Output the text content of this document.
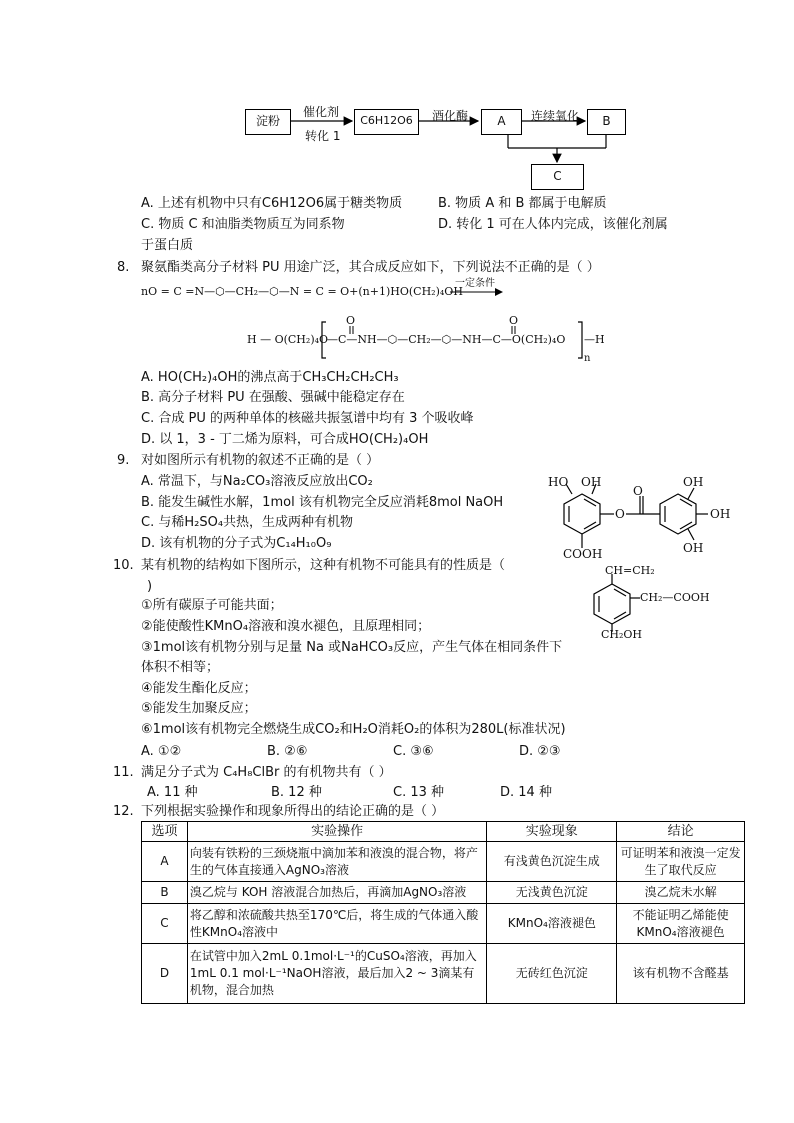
淀粉
催化剂
转化 1
C6H12O6	酒化酶	A	连续氧化	B
C
A. 上述有机物中只有C6H12O6属于糖类物质	B. 物质 A 和 B 都属于电解质
C. 物质 C 和油脂类物质互为同系物	D. 转化 1 可在人体内完成，该催化剂属
于蛋白质
8. 聚氨酯类高分子材料 PU 用途广泛，其合成反应如下，下列说法不正确的是（ ）
nO = C =N—⬡—CH₂—⬡—N = C = O+(n+1)HO(CH₂)₄OH
一定条件
O	O
H — O(CH₂)₄O
—C—NH—⬡—CH₂—⬡—NH—C—O(CH₂)₄O —H
n
A. HO(CH₂)₄OH的沸点高于CH₃CH₂CH₂CH₃
B. 高分子材料 PU 在强酸、强碱中能稳定存在
C. 合成 PU 的两种单体的核磁共振氢谱中均有 3 个吸收峰
D. 以 1，3 - 丁二烯为原料，可合成HO(CH₂)₄OH
9. 对如图所示有机物的叙述不正确的是（ ）
A. 常温下，与Na₂CO₃溶液反应放出CO₂
B. 能发生碱性水解，1mol 该有机物完全反应消耗8mol NaOH
C. 与稀H₂SO₄共热，生成两种有机物
D. 该有机物的分子式为C₁₄H₁₀O₉
HO OH
O
O
OH
OH
OH
COOH
10. 某有机物的结构如下图所示，这种有机物不可能具有的性质是（
)
①所有碳原子可能共面；
②能使酸性KMnO₄溶液和溴水褪色，且原理相同；
③1mol该有机物分别与足量 Na 或NaHCO₃反应，产生气体在相同条件下
体积不相等；
④能发生酯化反应；
⑤能发生加聚反应；
⑥1mol该有机物完全燃烧生成CO₂和H₂O消耗O₂的体积为280L(标准状况)
A. ①②	B. ②⑥	C. ③⑥	D. ②③
CH=CH₂
CH₂—COOH
CH₂OH
11. 满足分子式为 C₄H₈ClBr 的有机物共有（ ）
A. 11 种	B. 12 种	C. 13 种	D. 14 种
12. 下列根据实验操作和现象所得出的结论正确的是（ ）
选项	实验操作	实验现象	结论
A	向装有铁粉的三颈烧瓶中滴加苯和液溴的混合物，将产生的气体直接通入AgNO₃溶液	有浅黄色沉淀生成	可证明苯和液溴一定发生了取代反应
B	溴乙烷与 KOH 溶液混合加热后，再滴加AgNO₃溶液	无浅黄色沉淀	溴乙烷未水解
C	将乙醇和浓硫酸共热至170℃后，将生成的气体通入酸性KMnO₄溶液中	KMnO₄溶液褪色	不能证明乙烯能使KMnO₄溶液褪色
D	在试管中加入2mL 0.1mol·L⁻¹的CuSO₄溶液，再加入1mL 0.1 mol·L⁻¹NaOH溶液，最后加入2 ~ 3滴某有机物，混合加热	无砖红色沉淀	该有机物不含醛基
